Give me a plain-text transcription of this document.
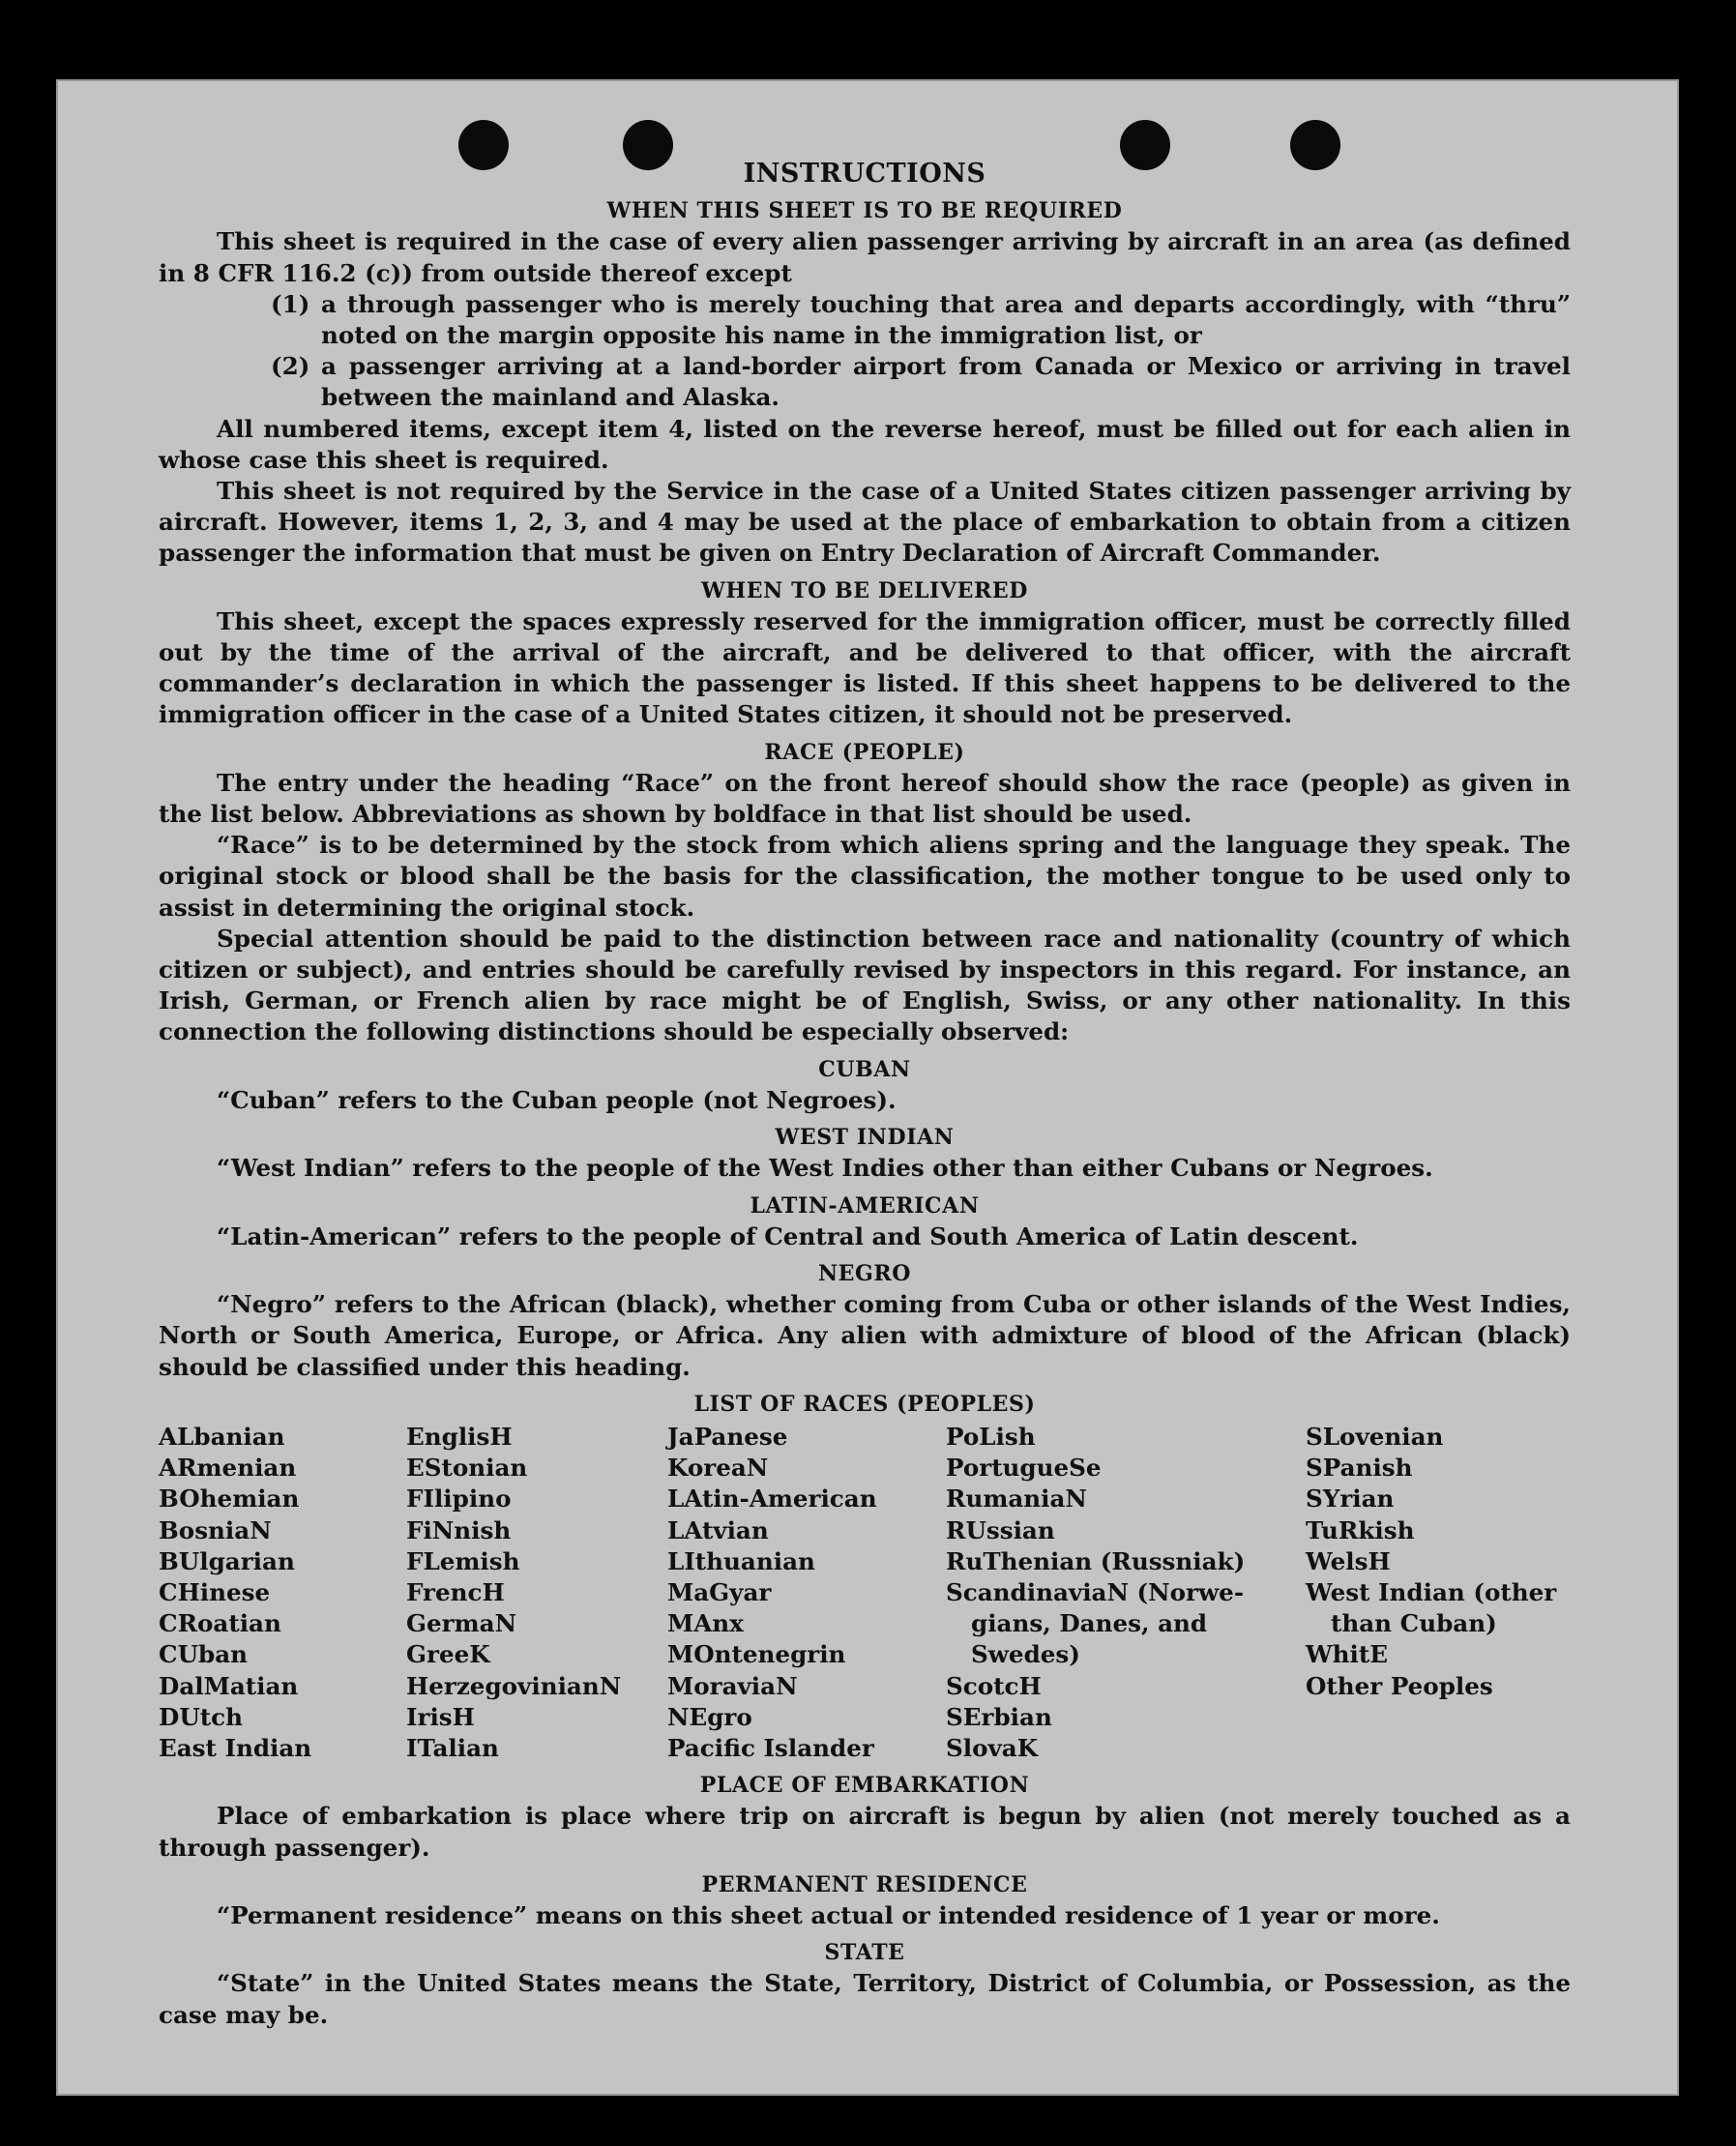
INSTRUCTIONS
WHEN THIS SHEET IS TO BE REQUIRED

This sheet is required in the case of every alien passenger arriving by aircraft in an area (as defined in 8 CFR 116.2 (c)) from outside thereof except

(1) a through passenger who is merely touching that area and departs accordingly, with “thru” noted on the margin opposite his name in the immigration list, or
(2) a passenger arriving at a land-border airport from Canada or Mexico or arriving in travel between the mainland and Alaska.

All numbered items, except item 4, listed on the reverse hereof, must be filled out for each alien in whose case this sheet is required.

This sheet is not required by the Service in the case of a United States citizen passenger arriving by aircraft. However, items 1, 2, 3, and 4 may be used at the place of embarkation to obtain from a citizen passenger the information that must be given on Entry Declaration of Aircraft Commander.

WHEN TO BE DELIVERED

This sheet, except the spaces expressly reserved for the immigration officer, must be correctly filled out by the time of the arrival of the aircraft, and be delivered to that officer, with the aircraft commander’s declaration in which the passenger is listed. If this sheet happens to be delivered to the immigration officer in the case of a United States citizen, it should not be preserved.

RACE (PEOPLE)

The entry under the heading “Race” on the front hereof should show the race (people) as given in the list below. Abbreviations as shown by boldface in that list should be used.

“Race” is to be determined by the stock from which aliens spring and the language they speak. The original stock or blood shall be the basis for the classification, the mother tongue to be used only to assist in determining the original stock.

Special attention should be paid to the distinction between race and nationality (country of which citizen or subject), and entries should be carefully revised by inspectors in this regard. For instance, an Irish, German, or French alien by race might be of English, Swiss, or any other nationality. In this connection the following distinctions should be especially observed:

CUBAN

“Cuban” refers to the Cuban people (not Negroes).

WEST INDIAN

“West Indian” refers to the people of the West Indies other than either Cubans or Negroes.

LATIN-AMERICAN

“Latin-American” refers to the people of Central and South America of Latin descent.

NEGRO

“Negro” refers to the African (black), whether coming from Cuba or other islands of the West Indies, North or South America, Europe, or Africa. Any alien with admixture of blood of the African (black) should be classified under this heading.

LIST OF RACES (PEOPLES)
ALbanian
ARmenian
BOhemian
BosniaN
BUlgarian
CHinese
CRoatian
CUban
DalMatian
DUtch
East Indian
EnglisH
EStonian
FIlipino
FiNnish
FLemish
FrencH
GermaN
GreeK
HerzegovinianN
IrisH
ITalian
JaPanese
KoreaN
LAtin-American
LAtvian
LIthuanian
MaGyar
MAnx
MOntenegrin
MoraviaN
NEgro
Pacific Islander
PoLish
PortugueSe
RumaniaN
RUssian
RuThenian (Russniak)
ScandinaviaN (Norwe-
gians, Danes, and
Swedes)
ScotcH
SErbian
SlovaK
SLovenian
SPanish
SYrian
TuRkish
WelsH
West Indian (other
than Cuban)
WhitE
Other Peoples
PLACE OF EMBARKATION

Place of embarkation is place where trip on aircraft is begun by alien (not merely touched as a through passenger).

PERMANENT RESIDENCE

“Permanent residence” means on this sheet actual or intended residence of 1 year or more.

STATE

“State” in the United States means the State, Territory, District of Columbia, or Possession, as the case may be.
